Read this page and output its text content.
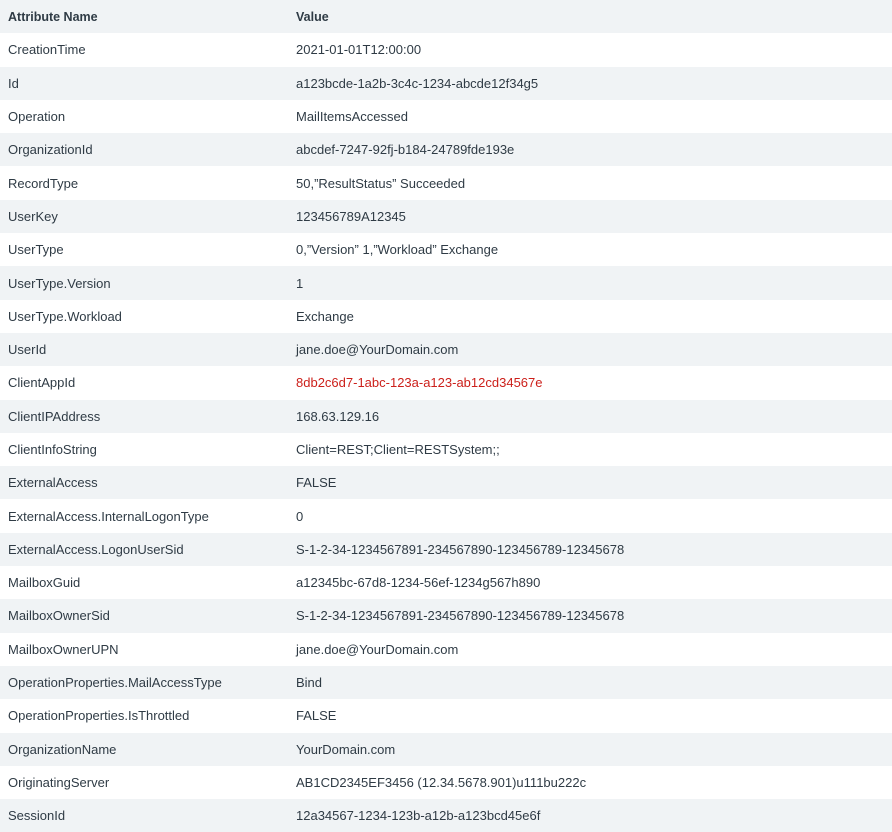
Attribute Name	Value
CreationTime	2021-01-01T12:00:00
Id	a123bcde-1a2b-3c4c-1234-abcde12f34g5
Operation	MailItemsAccessed
OrganizationId	abcdef-7247-92fj-b184-24789fde193e
RecordType	50,”ResultStatus” Succeeded
UserKey	123456789A12345
UserType	0,”Version” 1,”Workload” Exchange
UserType.Version	1
UserType.Workload	Exchange
UserId	jane.doe@YourDomain.com
ClientAppId	8db2c6d7-1abc-123a-a123-ab12cd34567e
ClientIPAddress	168.63.129.16
ClientInfoString	Client=REST;Client=RESTSystem;;
ExternalAccess	FALSE
ExternalAccess.InternalLogonType	0
ExternalAccess.LogonUserSid	S-1-2-34-1234567891-234567890-123456789-12345678
MailboxGuid	a12345bc-67d8-1234-56ef-1234g567h890
MailboxOwnerSid	S-1-2-34-1234567891-234567890-123456789-12345678
MailboxOwnerUPN	jane.doe@YourDomain.com
OperationProperties.MailAccessType	Bind
OperationProperties.IsThrottled	FALSE
OrganizationName	YourDomain.com
OriginatingServer	AB1CD2345EF3456 (12.34.5678.901)u111bu222c
SessionId	12a34567-1234-123b-a12b-a123bcd45e6f
